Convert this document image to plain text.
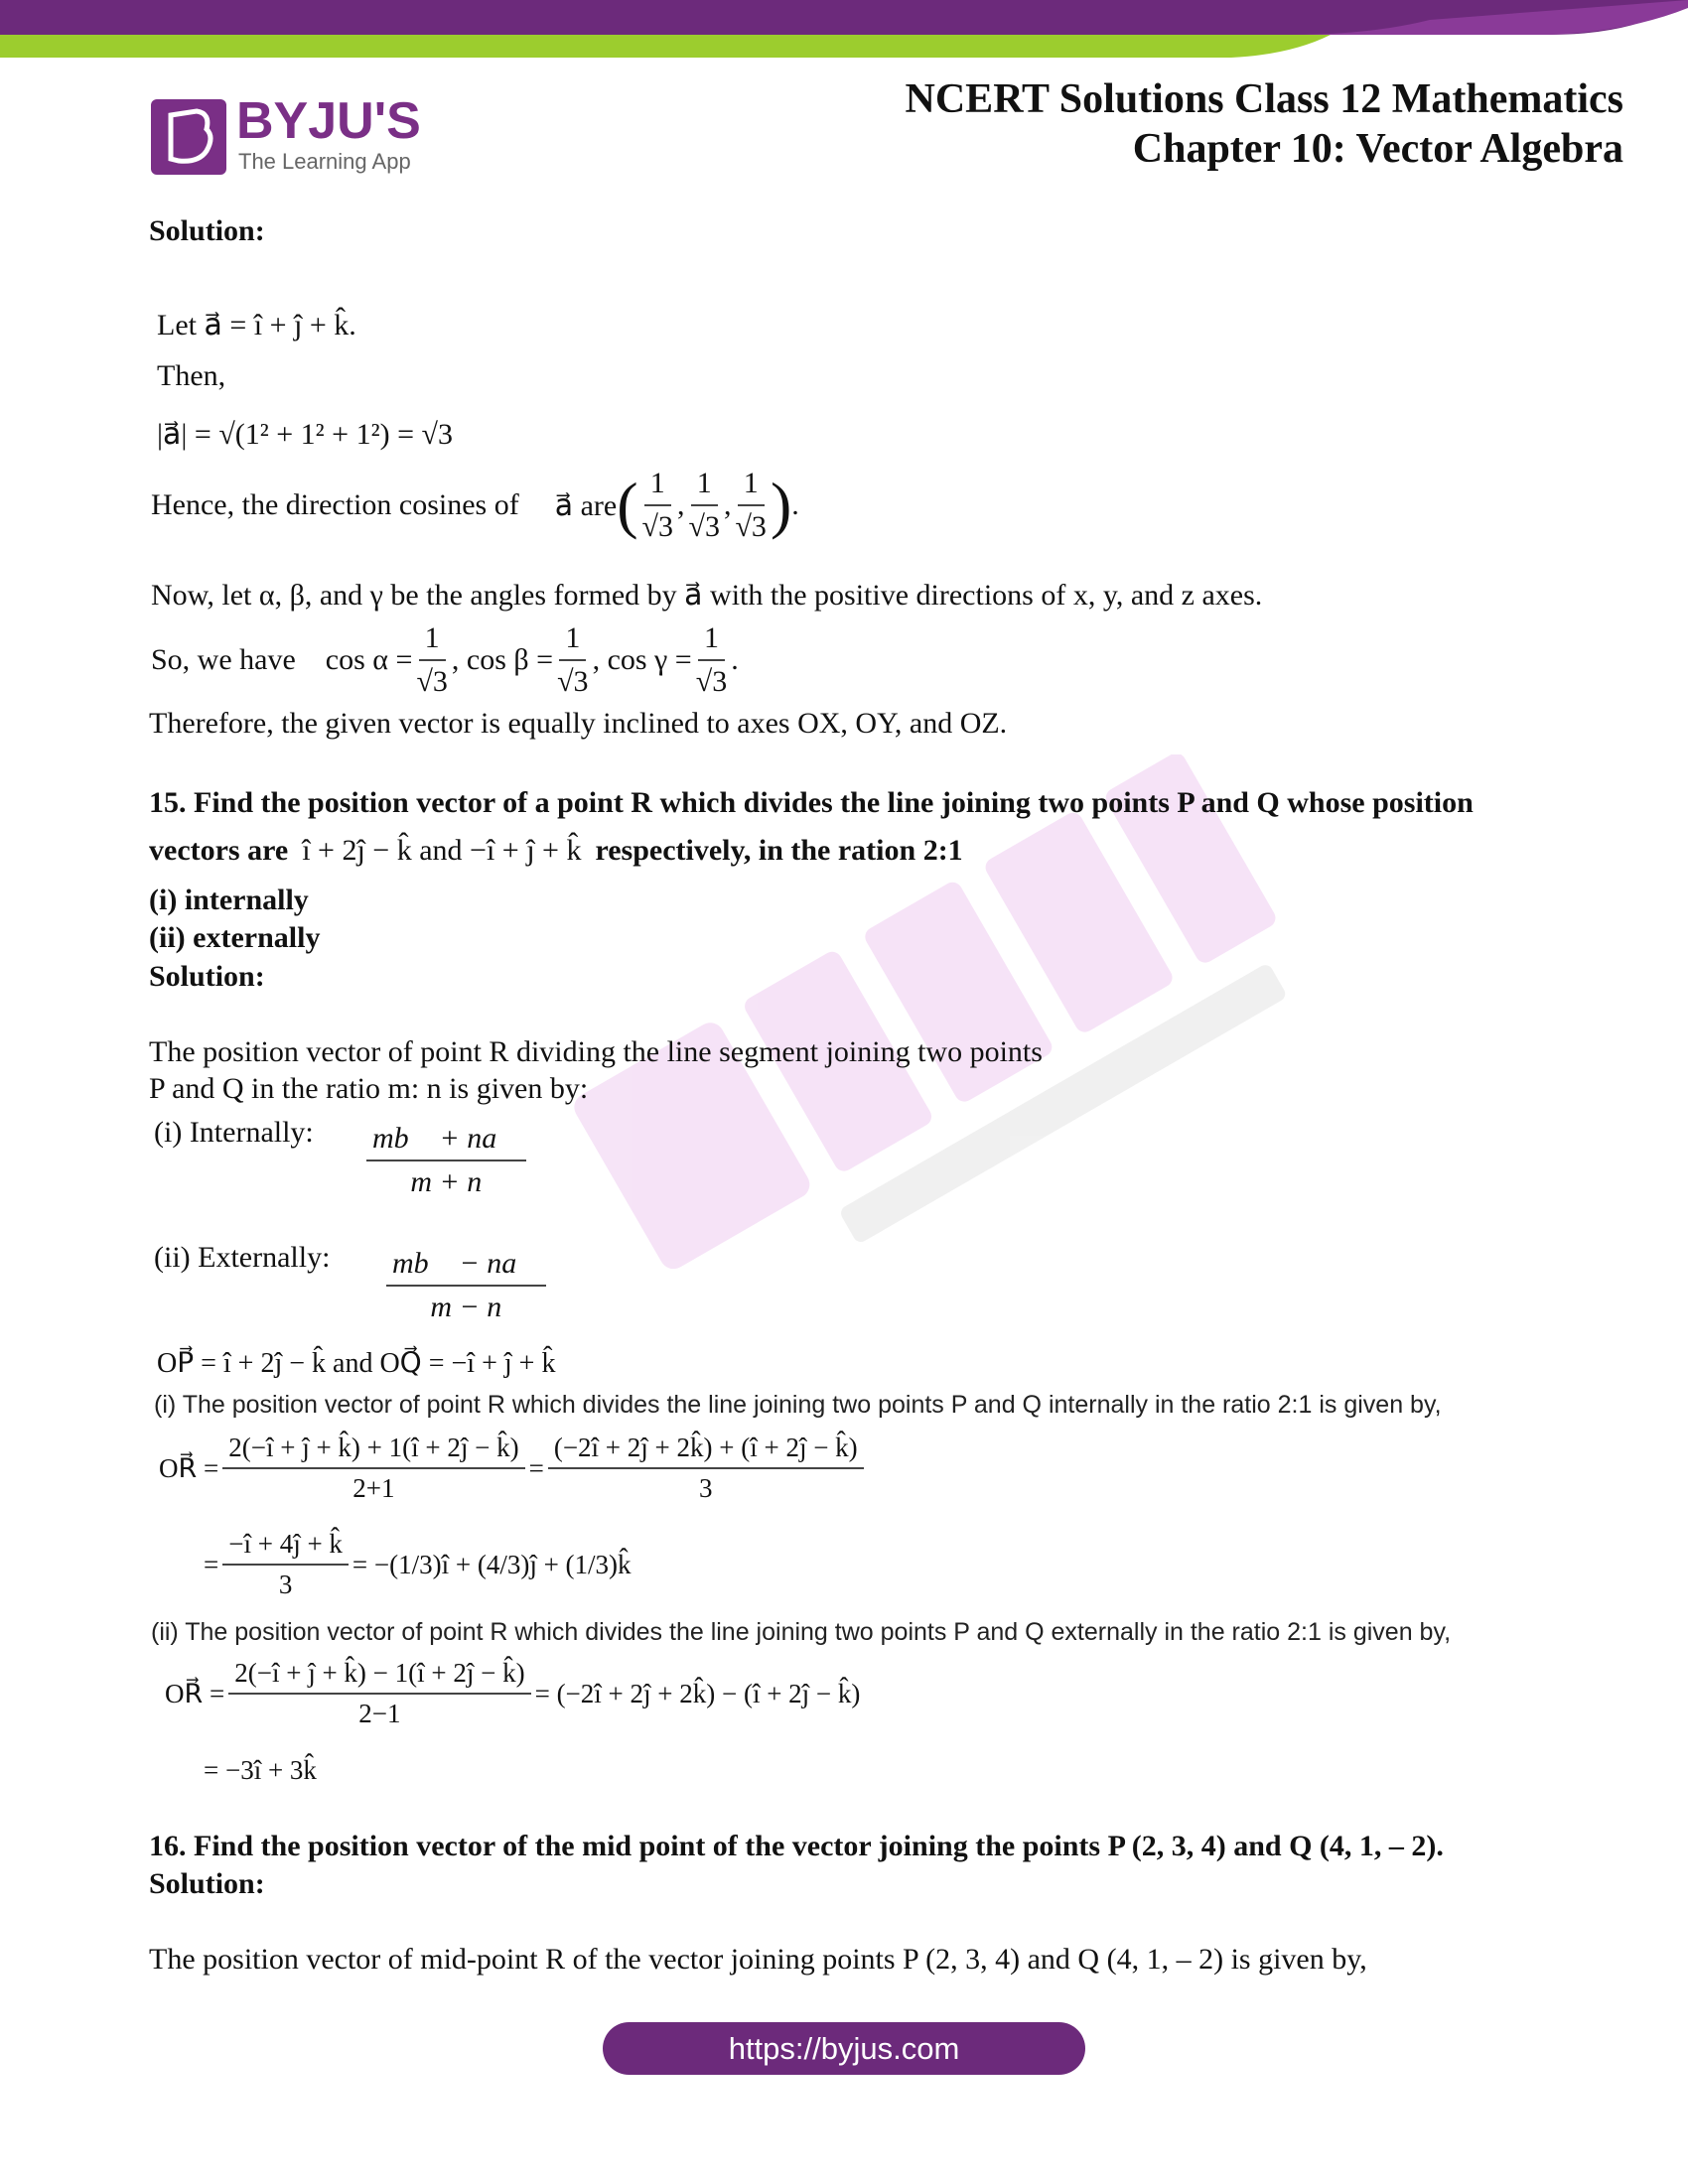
BYJU'S
The Learning App
NCERT Solutions Class 12 Mathematics
Chapter 10: Vector Algebra
Solution:
Let a⃗ = î + ĵ + k̂.
Then,
|a⃗| = √(1² + 1² + 1²) = √3
Hence, the direction cosines of a⃗ are ( $\frac{1}{√3}$ , $\frac{1}{√3}$ , $\frac{1}{√3}$ ) .
Now, let α, β, and γ be the angles formed by a⃗ with the positive directions of x, y, and z axes.
So, we have $\cos \alpha = \frac{1}{√3}$ , $\cos \beta = \frac{1}{√3}$ , $\cos \gamma = \frac{1}{√3}$ .
Therefore, the given vector is equally inclined to axes OX, OY, and OZ.
15. Find the position vector of a point R which divides the line joining two points P and Q whose position
vectors are î + 2ĵ − k̂ and −î + ĵ + k̂ respectively, in the ration 2:1
(i) internally
(ii) externally
Solution:
The position vector of point R dividing the line segment joining two points
P and Q in the ratio m: n is given by:
(i) Internally: $\frac{mb⃗ + na⃗}{m + n}$
(ii) Externally: $\frac{mb⃗ - na⃗}{m - n}$
OP⃗ = î + 2ĵ − k̂ and OQ⃗ = −î + ĵ + k̂
(i) The position vector of point R which divides the line joining two points P and Q internally in the ratio 2:1 is given by,
OR⃗ = $\frac{2(-î + ĵ + k̂) + 1(î + 2ĵ - k̂)}{2+1} = \frac{(-2î + 2ĵ + 2k̂) + (î + 2ĵ - k̂)}{3}$
= $\frac{-î + 4ĵ + k̂}{3}$ = −(1/3)î + (4/3)ĵ + (1/3)k̂
(ii) The position vector of point R which divides the line joining two points P and Q externally in the ratio 2:1 is given by,
OR⃗ = $\frac{2(-î + ĵ + k̂) - 1(î + 2ĵ - k̂)}{2-1}$ = (−2î + 2ĵ + 2k̂) − (î + 2ĵ − k̂)
= −3î + 3k̂
16. Find the position vector of the mid point of the vector joining the points P (2, 3, 4) and Q (4, 1, – 2).
Solution:
The position vector of mid-point R of the vector joining points P (2, 3, 4) and Q (4, 1, – 2) is given by,
https://byjus.com
